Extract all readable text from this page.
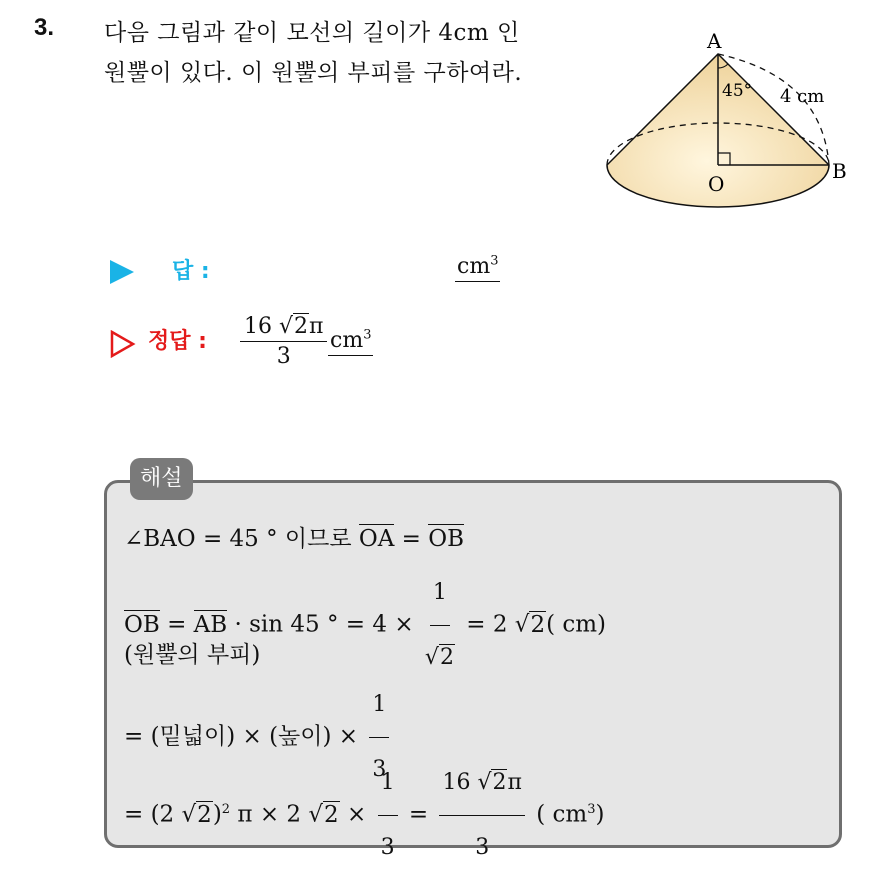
3. 다음 그림과 같이 모선의 길이가 4cm 인
원뿔이 있다. 이 원뿔의 부피를 구하여라.
A
B
O
45° 4 cm
답 :	$cm^3$
정답 : $\frac{16 √2\pi}{3} cm^3$
해설
∠BAO = 45 ° 이므로 OA = OB
OB = AB · sin 45 ° = $4 \times \frac{1}{√2} = 2$ √2( cm)
(원뿔의 부피)
= (밑넓이) × (높이) × $\frac{1}{3}$
= (2 √2)$^2$ π × 2 $√2 \times \frac{1}{3} = \frac{16 √2\pi}{3}$ ( $cm^3$)
